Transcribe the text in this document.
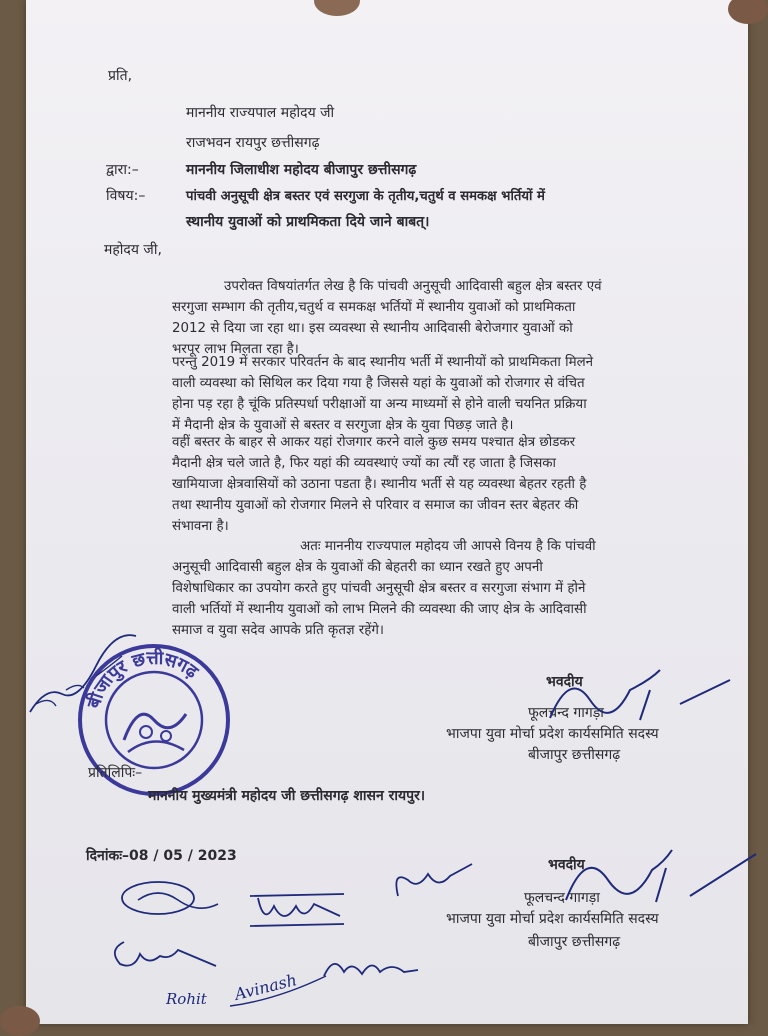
प्रति,
माननीय राज्यपाल महोदय जी
राजभवन रायपुर छत्तीसगढ़
द्वारा:–	माननीय जिलाधीश महोदय बीजापुर छत्तीसगढ़
विषय:–	पांचवी अनुसूची क्षेत्र बस्तर एवं सरगुजा के तृतीय,चतुर्थ व समकक्ष भर्तियों में
स्थानीय युवाओं को प्राथमिकता दिये जाने बाबत्।
महोदय जी,
उपरोक्त विषयांतर्गत लेख है कि पांचवी अनुसूची आदिवासी बहुल क्षेत्र बस्तर एवं
सरगुजा सम्भाग की तृतीय,चतुर्थ व समकक्ष भर्तियों में स्थानीय युवाओं को प्राथमिकता
2012 से दिया जा रहा था। इस व्यवस्था से स्थानीय आदिवासी बेरोजगार युवाओं को
भरपूर लाभ मिलता रहा है।
परन्तु 2019 में सरकार परिवर्तन के बाद स्थानीय भर्ती में स्थानीयों को प्राथमिकता मिलने
वाली व्यवस्था को सिथिल कर दिया गया है जिससे यहां के युवाओं को रोजगार से वंचित
होना पड़ रहा है चूंकि प्रतिस्पर्धा परीक्षाओं या अन्य माध्यमों से होने वाली चयनित प्रक्रिया
में मैदानी क्षेत्र के युवाओं से बस्तर व सरगुजा क्षेत्र के युवा पिछड़ जाते है।
वहीं बस्तर के बाहर से आकर यहां रोजगार करने वाले कुछ समय पश्चात क्षेत्र छोडकर
मैदानी क्षेत्र चले जाते है, फिर यहां की व्यवस्थाएं ज्यों का त्यौं रह जाता है जिसका
खामियाजा क्षेत्रवासियों को उठाना पडता है। स्थानीय भर्ती से यह व्यवस्था बेहतर रहती है
तथा स्थानीय युवाओं को रोजगार मिलने से परिवार व समाज का जीवन स्तर बेहतर की
संभावना है।
अतः माननीय राज्यपाल महोदय जी आपसे विनय है कि पांचवी
अनुसूची आदिवासी बहुल क्षेत्र के युवाओं की बेहतरी का ध्यान रखते हुए अपनी
विशेषाधिकार का उपयोग करते हुए पांचवी अनुसूची क्षेत्र बस्तर व सरगुजा संभाग में होने
वाली भर्तियों में स्थानीय युवाओं को लाभ मिलने की व्यवस्था की जाए क्षेत्र के आदिवासी
समाज व युवा सदेव आपके प्रति कृतज्ञ रहेंगे।
बीजापुर छत्तीसगढ़	भवदीय
फूलचन्द गागड़ा
भाजपा युवा मोर्चा प्रदेश कार्यसमिति सदस्य
बीजापुर छत्तीसगढ़
प्रतिलिपिः–
माननीय मुख्यमंत्री महोदय जी छत्तीसगढ़ शासन रायपुर।
दिनांकः–08 / 05 / 2023
भवदीय
फूलचन्द गागड़ा
भाजपा युवा मोर्चा प्रदेश कार्यसमिति सदस्य
बीजापुर छत्तीसगढ़
Avinash
Rohit
